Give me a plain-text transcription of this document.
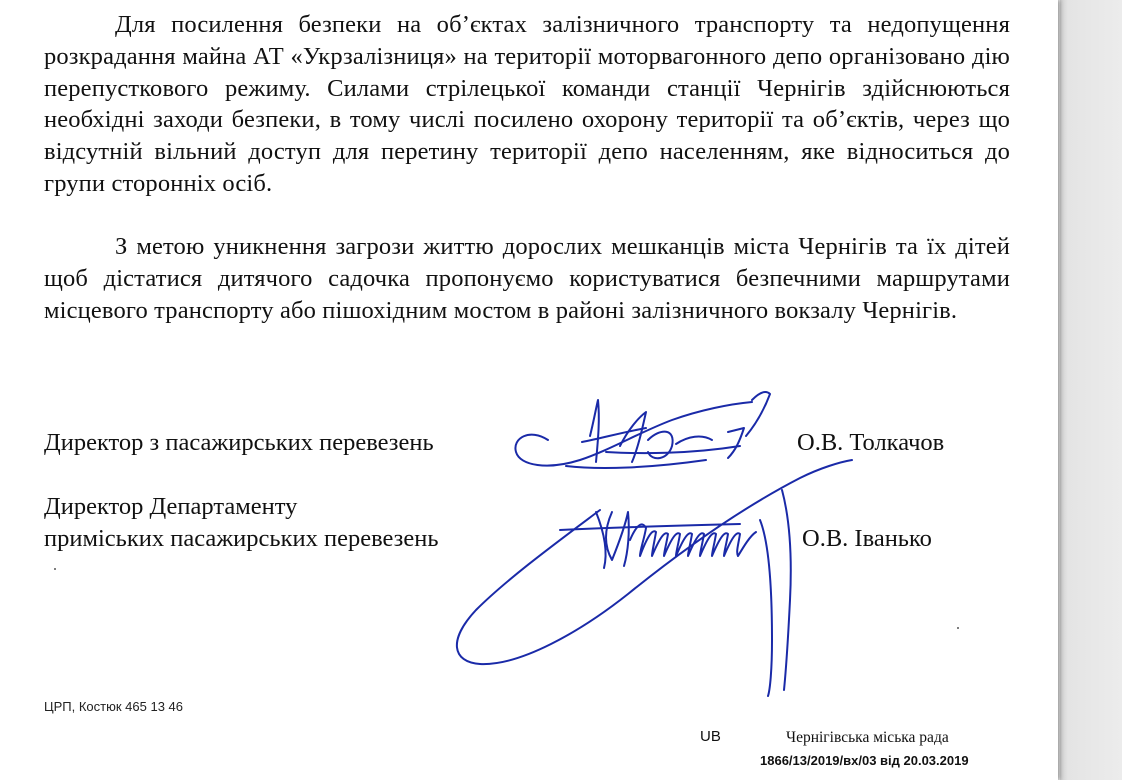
Для посилення безпеки на об’єктах залізничного транспорту та недопущення розкрадання майна АТ «Укрзалізниця» на території моторвагонного депо організовано дію перепусткового режиму. Силами стрілецької команди станції Чернігів здійснюються необхідні заходи безпеки, в тому числі посилено охорону території та об’єктів, через що відсутній вільний доступ для перетину території депо населенням, яке відноситься до групи сторонніх осіб.

З метою уникнення загрози життю дорослих мешканців міста Чернігів та їх дітей щоб дістатися дитячого садочка пропонуємо користуватися безпечними маршрутами місцевого транспорту або пішохідним мостом в районі залізничного вокзалу Чернігів.

Директор з пасажирських перевезень	О.В. Толкачов
Директор Департаменту
приміських пасажирських перевезень	О.В. Іванько
ЦРП, Костюк 465 13 46
UB	Чернігівська міська рада
1866/13/2019/вх/03 від 20.03.2019
